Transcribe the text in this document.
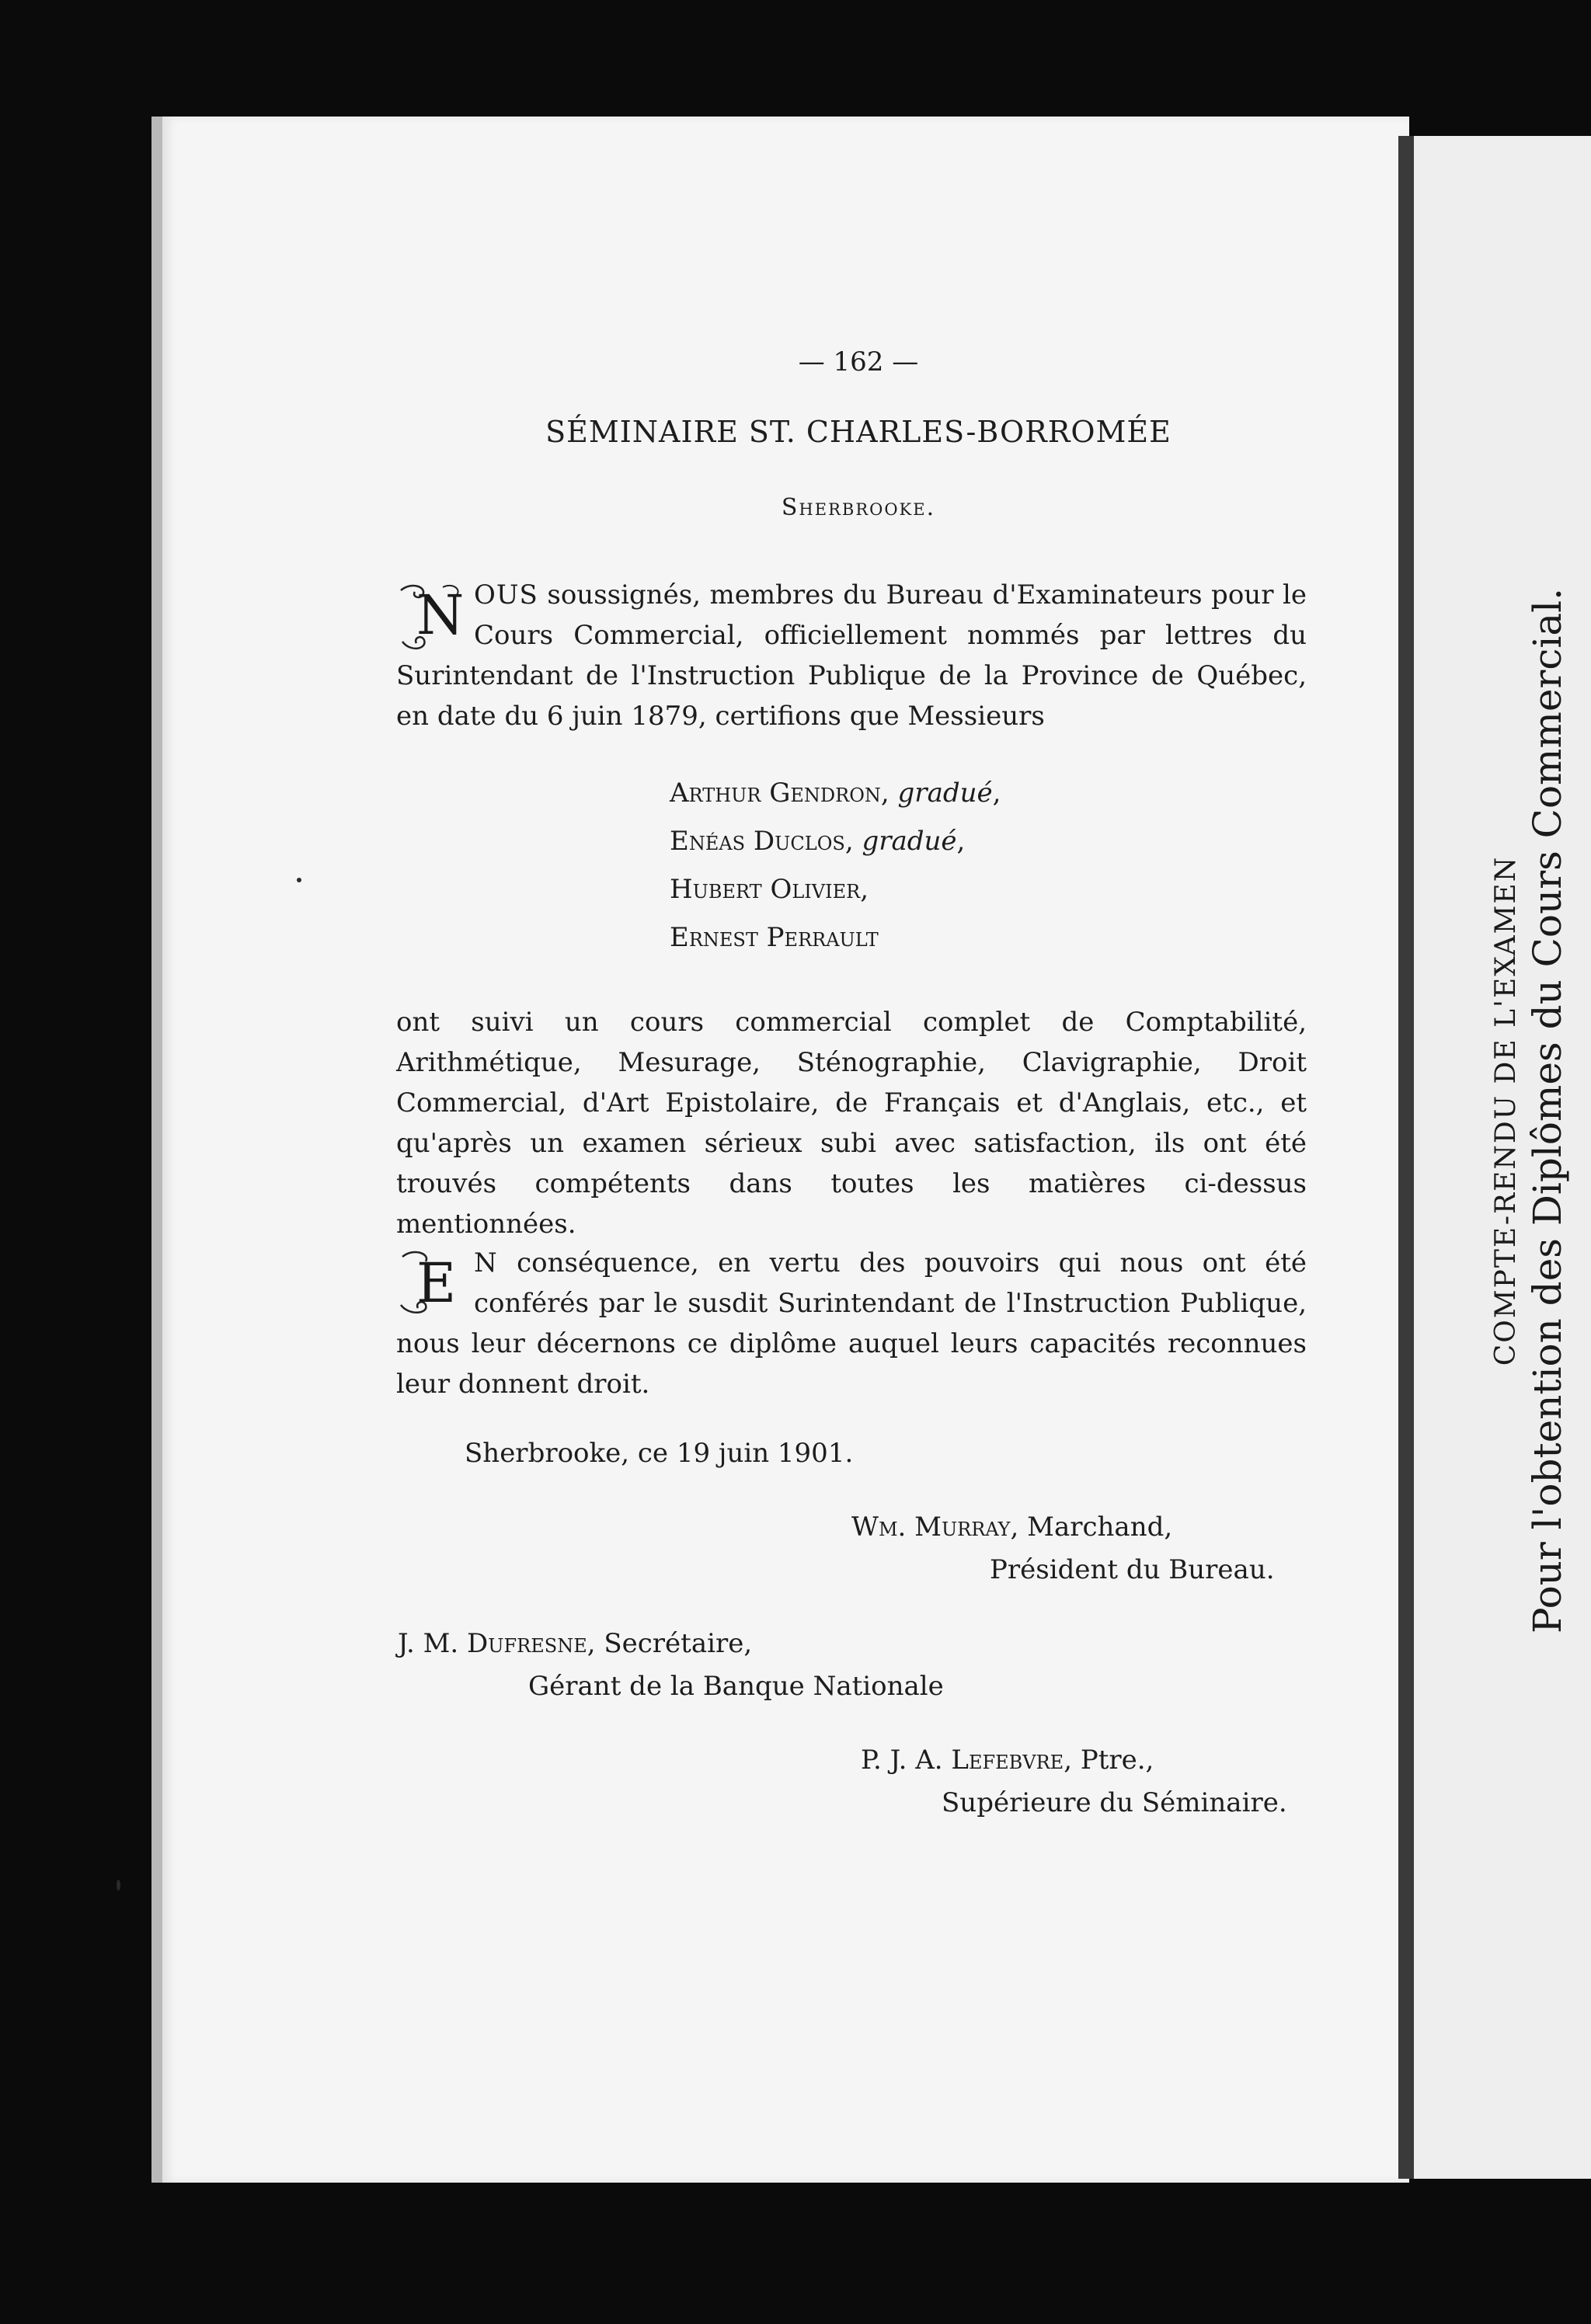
COMPTE-RENDU DE L'EXAMEN Pour l'obtention des Diplômes du Cours Commercial.
— 162 —
SÉMINAIRE ST. CHARLES-BORROMÉE
Sherbrooke.
N OUS soussignés, membres du Bureau d'Examinateurs pour le Cours Commercial, officiellement nommés par lettres du Surintendant de l'Instruction Publique de la Province de Québec, en date du 6 juin 1879, certifions que Messieurs
Arthur Gendron, gradué,
Enéas Duclos, gradué,
Hubert Olivier,
Ernest Perrault
ont suivi un cours commercial complet de Comptabilité, Arithmétique, Mesurage, Sténographie, Clavigraphie, Droit Commercial, d'Art Epistolaire, de Français et d'Anglais, etc., et qu'après un examen sérieux subi avec satisfaction, ils ont été trouvés compétents dans toutes les matières ci-dessus mentionnées.
E N conséquence, en vertu des pouvoirs qui nous ont été conférés par le susdit Surintendant de l'Instruction Publique, nous leur décernons ce diplôme auquel leurs capacités reconnues leur donnent droit.
Sherbrooke, ce 19 juin 1901.
Wm. Murray, Marchand,
Président du Bureau.
J. M. Dufresne, Secrétaire,
Gérant de la Banque Nationale
P. J. A. Lefebvre, Ptre.,
Supérieure du Séminaire.
